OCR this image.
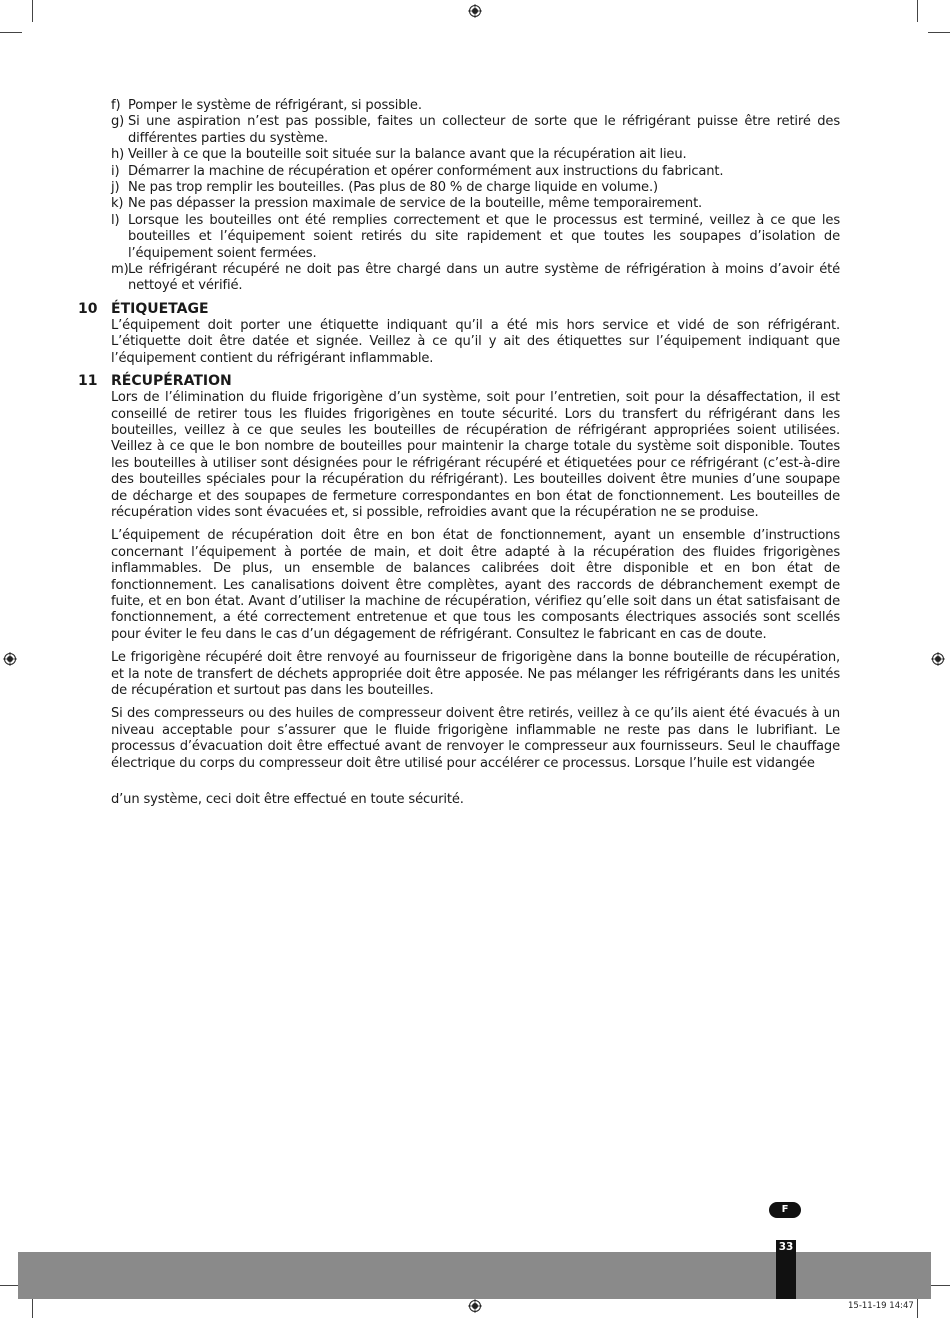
f) Pomper le système de réfrigérant, si possible.
g) Si une aspiration n’est pas possible, faites un collecteur de sorte que le réfrigérant puisse être retiré des différentes parties du système.
h) Veiller à ce que la bouteille soit située sur la balance avant que la récupération ait lieu.
i) Démarrer la machine de récupération et opérer conformément aux instructions du fabricant.
j) Ne pas trop remplir les bouteilles. (Pas plus de 80 % de charge liquide en volume.)
k) Ne pas dépasser la pression maximale de service de la bouteille, même temporairement.
l) Lorsque les bouteilles ont été remplies correctement et que le processus est terminé, veillez à ce que les bouteilles et l’équipement soient retirés du site rapidement et que toutes les soupapes d’isolation de l’équipement soient fermées.
m)Le réfrigérant récupéré ne doit pas être chargé dans un autre système de réfrigération à moins d’avoir été nettoyé et vérifié.
10 ÉTIQUETAGE
L’équipement doit porter une étiquette indiquant qu’il a été mis hors service et vidé de son réfrigérant. L’étiquette doit être datée et signée. Veillez à ce qu’il y ait des étiquettes sur l’équipement indiquant que l’équipement contient du réfrigérant inflammable.
11 RÉCUPÉRATION
Lors de l’élimination du fluide frigorigène d’un système, soit pour l’entretien, soit pour la désaffectation, il est conseillé de retirer tous les fluides frigorigènes en toute sécurité. Lors du transfert du réfrigérant dans les bouteilles, veillez à ce que seules les bouteilles de récupération de réfrigérant appropriées soient utilisées. Veillez à ce que le bon nombre de bouteilles pour maintenir la charge totale du système soit disponible. Toutes les bouteilles à utiliser sont désignées pour le réfrigérant récupéré et étiquetées pour ce réfrigérant (c’est-à-dire des bouteilles spéciales pour la récupération du réfrigérant). Les bouteilles doivent être munies d’une soupape de décharge et des soupapes de fermeture correspondantes en bon état de fonctionnement. Les bouteilles de récupération vides sont évacuées et, si possible, refroidies avant que la récupération ne se produise.
L’équipement de récupération doit être en bon état de fonctionnement, ayant un ensemble d’instructions concernant l’équipement à portée de main, et doit être adapté à la récupération des fluides frigorigènes inflammables. De plus, un ensemble de balances calibrées doit être disponible et en bon état de fonctionnement. Les canalisations doivent être complètes, ayant des raccords de débranchement exempt de fuite, et en bon état. Avant d’utiliser la machine de récupération, vérifiez qu’elle soit dans un état satisfaisant de fonctionnement, a été correctement entretenue et que tous les composants électriques associés sont scellés pour éviter le feu dans le cas d’un dégagement de réfrigérant. Consultez le fabricant en cas de doute.
Le frigorigène récupéré doit être renvoyé au fournisseur de frigorigène dans la bonne bouteille de récupération, et la note de transfert de déchets appropriée doit être apposée. Ne pas mélanger les réfrigérants dans les unités de récupération et surtout pas dans les bouteilles.
Si des compresseurs ou des huiles de compresseur doivent être retirés, veillez à ce qu’ils aient été évacués à un niveau acceptable pour s’assurer que le fluide frigorigène inflammable ne reste pas dans le lubrifiant. Le processus d’évacuation doit être effectué avant de renvoyer le compresseur aux fournisseurs. Seul le chauffage électrique du corps du compresseur doit être utilisé pour accélérer ce processus. Lorsque l’huile est vidangée
d’un système, ceci doit être effectué en toute sécurité.
F
33
15-11-19 14:47
